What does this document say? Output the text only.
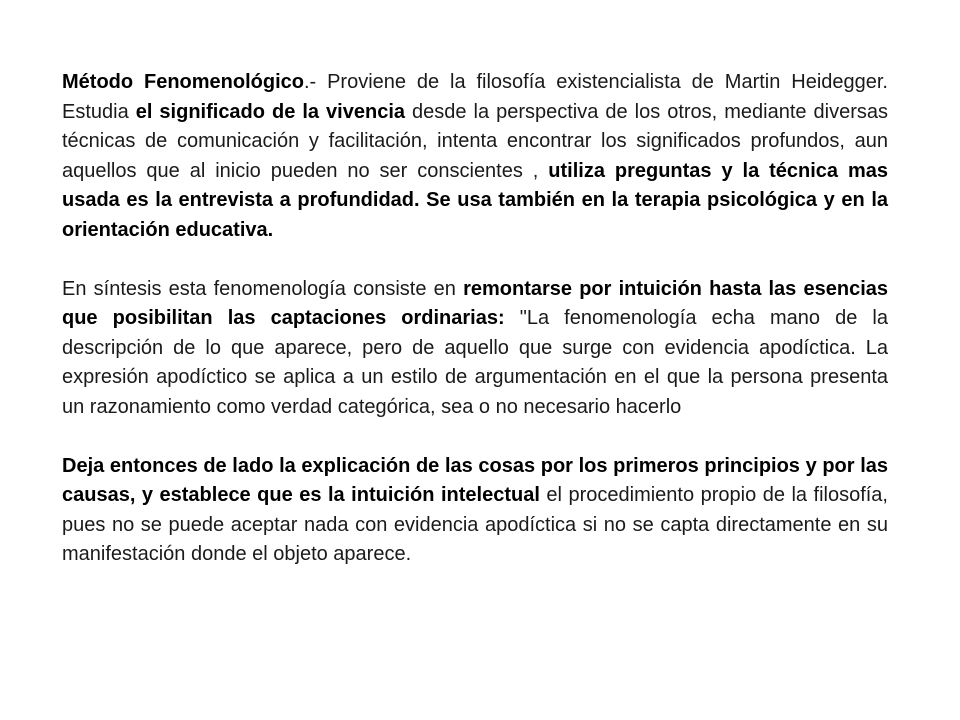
Método Fenomenológico.- Proviene de la filosofía existencialista de Martin Heidegger. Estudia el significado de la vivencia desde la perspectiva de los otros, mediante diversas técnicas de comunicación y facilitación, intenta encontrar los significados profundos, aun aquellos que al inicio pueden no ser conscientes , utiliza preguntas y la técnica mas usada es la entrevista a profundidad. Se usa también en la terapia psicológica y en la orientación educativa.

En síntesis esta fenomenología consiste en remontarse por intuición hasta las esencias que posibilitan las captaciones ordinarias: "La fenomenología echa mano de la descripción de lo que aparece, pero de aquello que surge con evidencia apodíctica. La expresión apodíctico se aplica a un estilo de argumentación en el que la persona presenta un razonamiento como verdad categórica, sea o no necesario hacerlo

Deja entonces de lado la explicación de las cosas por los primeros principios y por las causas, y establece que es la intuición intelectual el procedimiento propio de la filosofía, pues no se puede aceptar nada con evidencia apodíctica si no se capta directamente en su manifestación donde el objeto aparece.
